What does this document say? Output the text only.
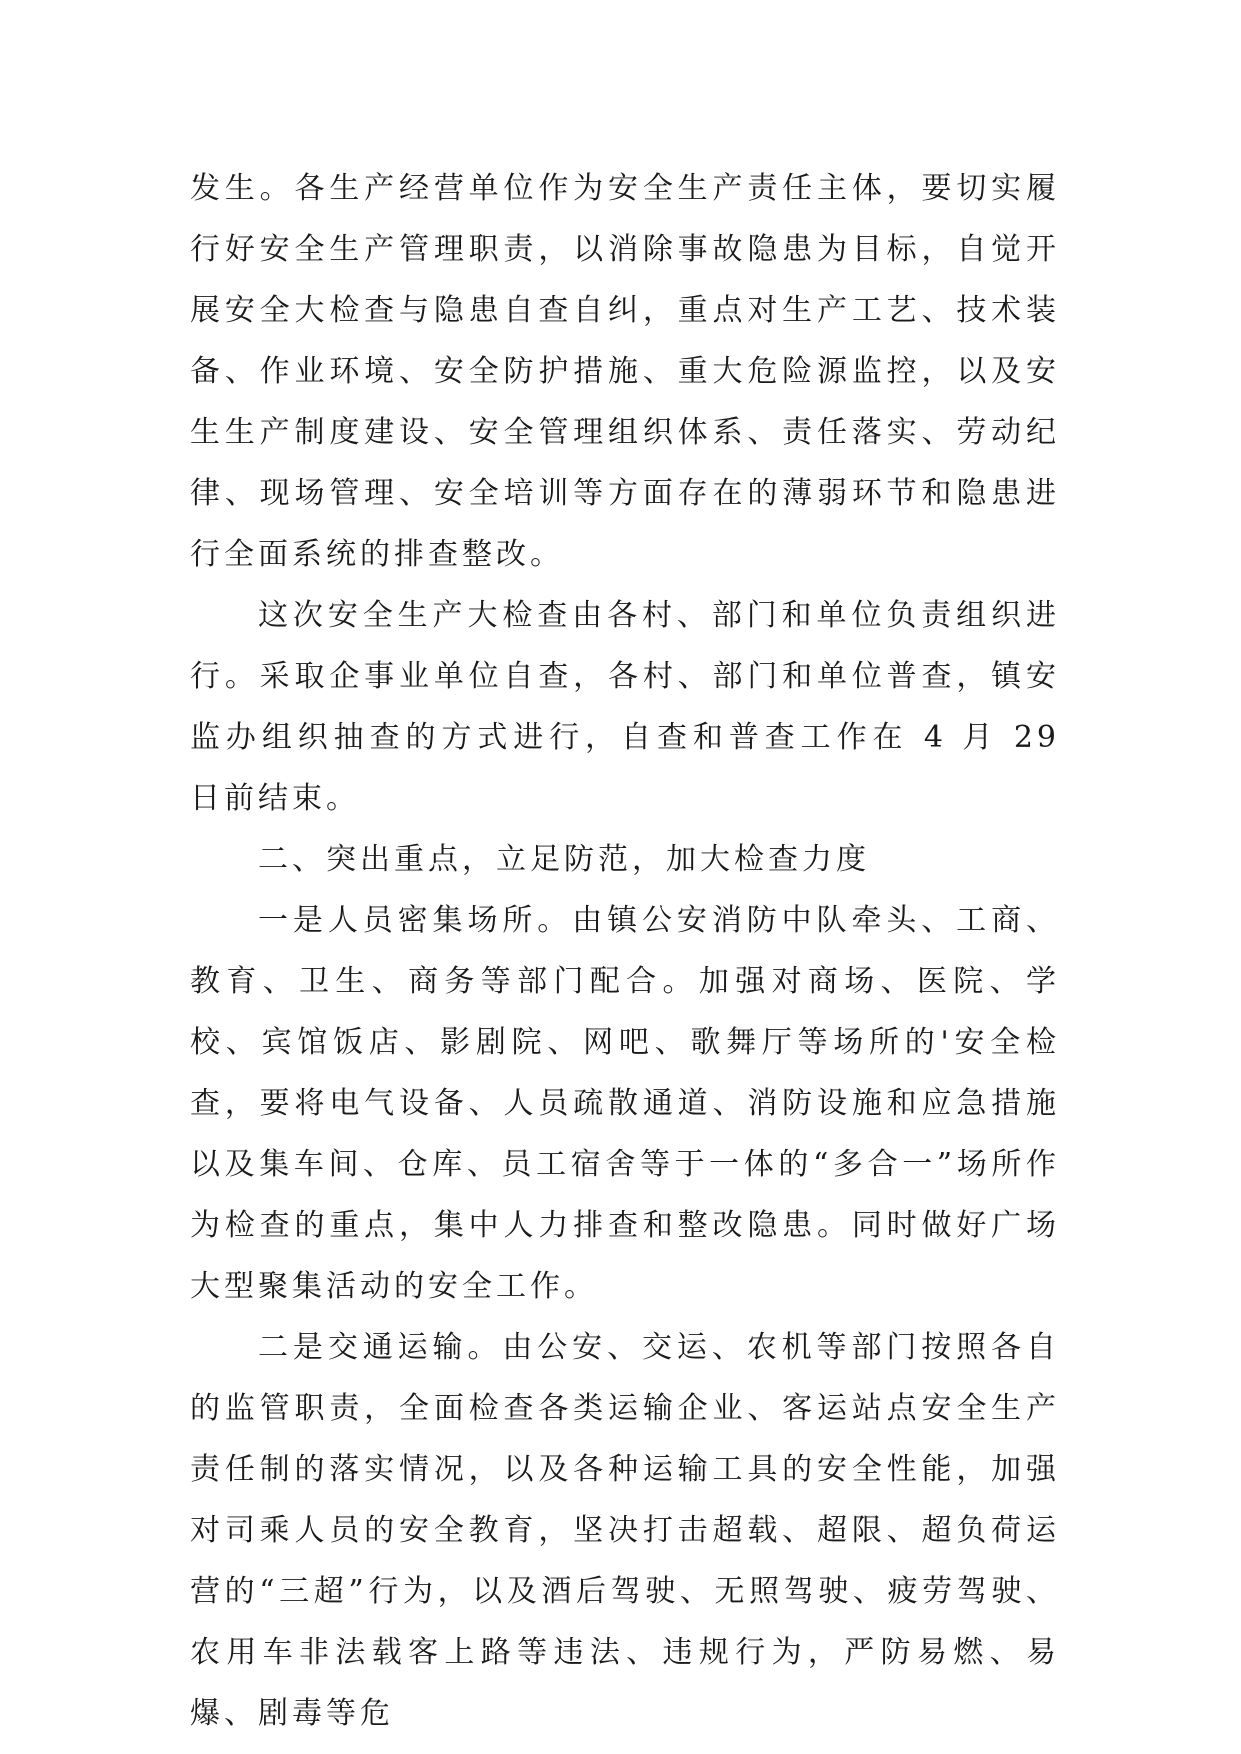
发生。各生产经营单位作为安全生产责任主体，要切实履行好安全生产管理职责，以消除事故隐患为目标，自觉开展安全大检查与隐患自查自纠，重点对生产工艺、技术装备、作业环境、安全防护措施、重大危险源监控，以及安生生产制度建设、安全管理组织体系、责任落实、劳动纪律、现场管理、安全培训等方面存在的薄弱环节和隐患进行全面系统的排查整改。

这次安全生产大检查由各村、部门和单位负责组织进行。采取企事业单位自查，各村、部门和单位普查，镇安监办组织抽查的方式进行，自查和普查工作在 4 月 29 日前结束。

二、突出重点，立足防范，加大检查力度

一是人员密集场所。由镇公安消防中队牵头、工商、教育、卫生、商务等部门配合。加强对商场、医院、学校、宾馆饭店、影剧院、网吧、歌舞厅等场所的'安全检查，要将电气设备、人员疏散通道、消防设施和应急措施以及集车间、仓库、员工宿舍等于一体的“多合一”场所作为检查的重点，集中人力排查和整改隐患。同时做好广场大型聚集活动的安全工作。

二是交通运输。由公安、交运、农机等部门按照各自的监管职责，全面检查各类运输企业、客运站点安全生产责任制的落实情况，以及各种运输工具的安全性能，加强对司乘人员的安全教育，坚决打击超载、超限、超负荷运营的“三超”行为，以及酒后驾驶、无照驾驶、疲劳驾驶、农用车非法载客上路等违法、违规行为，严防易燃、易爆、剧毒等危
